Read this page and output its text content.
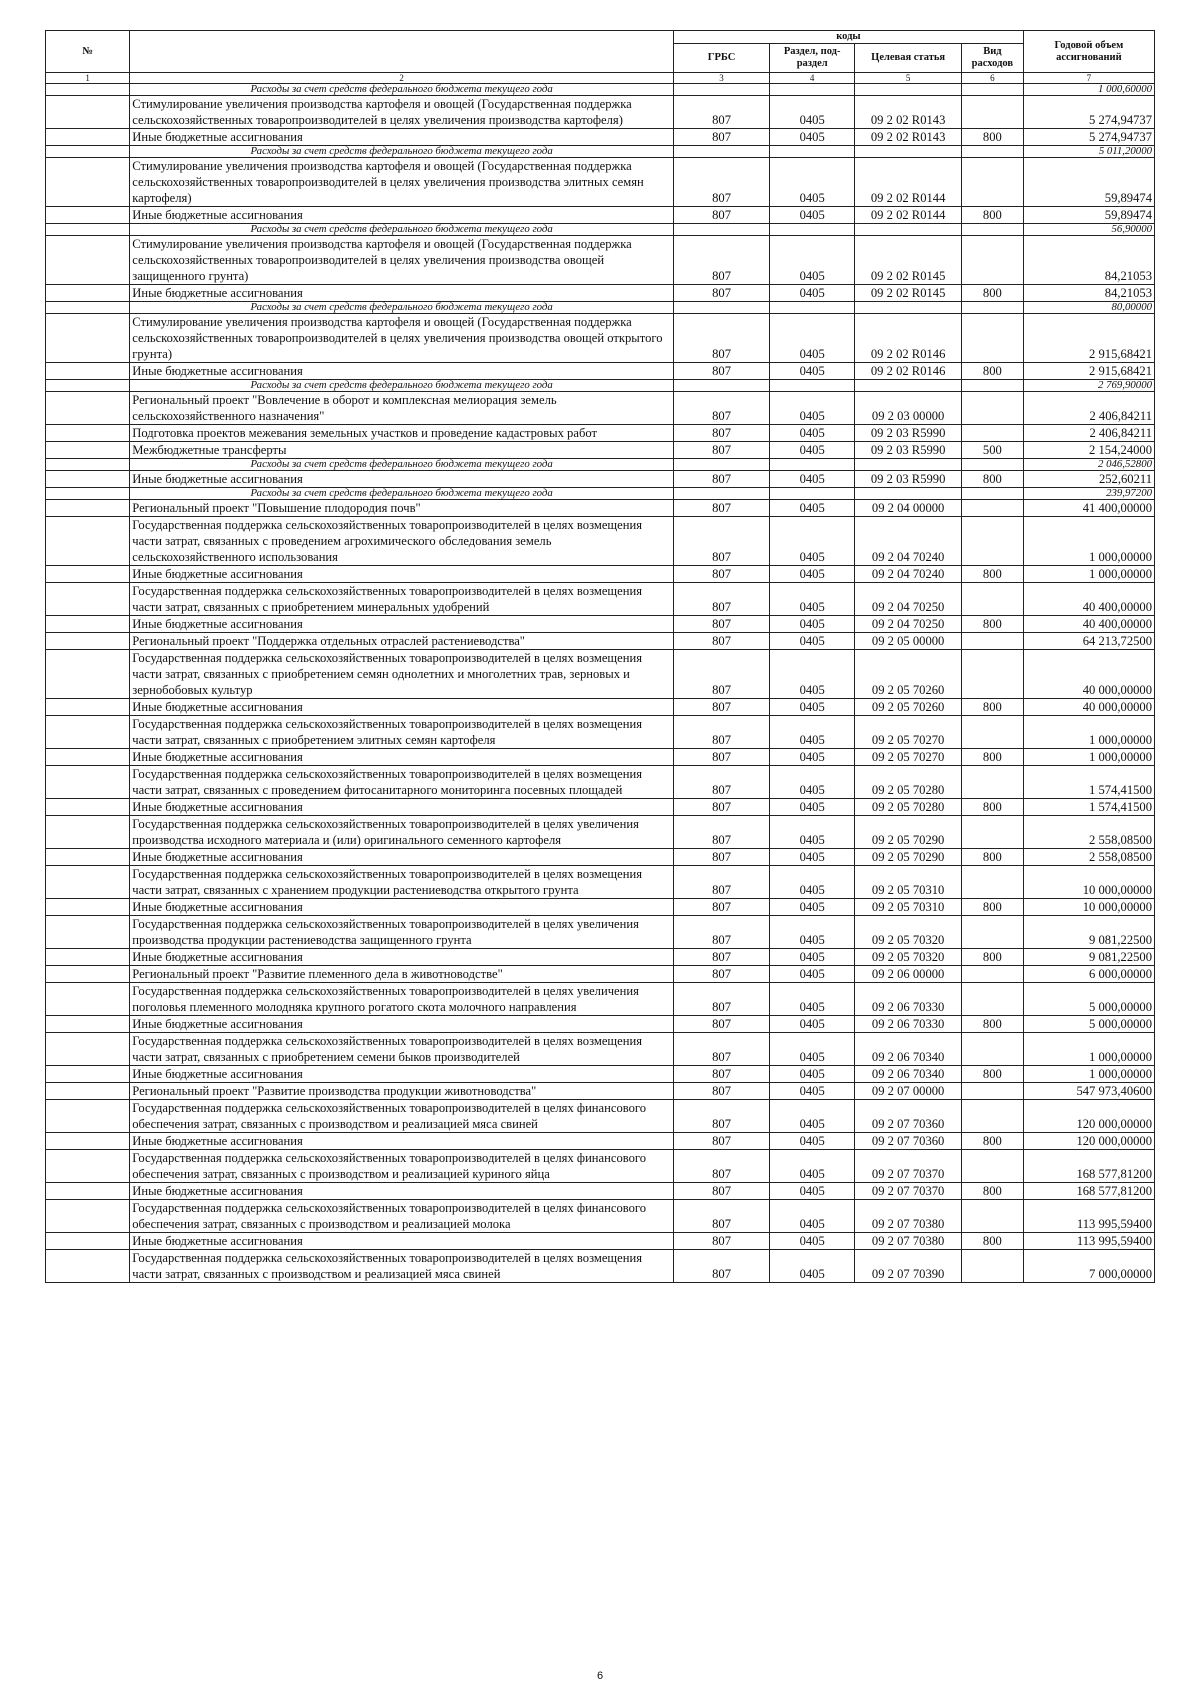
№		коды				Годовой объем ассигнований
		ГРБС	Раздел, под-раздел	Целевая статья	Вид расходов	
1	2	3	4	5	6	7
	Расходы за счет средств федерального бюджета текущего года					1 000,60000
	Стимулирование увеличения производства картофеля и овощей (Государственная поддержка сельскохозяйственных товаропроизводителей в целях увеличения производства картофеля)	807	0405	09 2 02 R0143		5 274,94737
	Иные бюджетные ассигнования	807	0405	09 2 02 R0143	800	5 274,94737
	Расходы за счет средств федерального бюджета текущего года					5 011,20000
	Стимулирование увеличения производства картофеля и овощей (Государственная поддержка сельскохозяйственных товаропроизводителей в целях увеличения производства элитных семян картофеля)	807	0405	09 2 02 R0144		59,89474
	Иные бюджетные ассигнования	807	0405	09 2 02 R0144	800	59,89474
	Расходы за счет средств федерального бюджета текущего года					56,90000
	Стимулирование увеличения производства картофеля и овощей (Государственная поддержка сельскохозяйственных товаропроизводителей в целях увеличения производства овощей защищенного грунта)	807	0405	09 2 02 R0145		84,21053
	Иные бюджетные ассигнования	807	0405	09 2 02 R0145	800	84,21053
	Расходы за счет средств федерального бюджета текущего года					80,00000
	Стимулирование увеличения производства картофеля и овощей (Государственная поддержка сельскохозяйственных товаропроизводителей в целях увеличения производства овощей открытого грунта)	807	0405	09 2 02 R0146		2 915,68421
	Иные бюджетные ассигнования	807	0405	09 2 02 R0146	800	2 915,68421
	Расходы за счет средств федерального бюджета текущего года					2 769,90000
	Региональный проект "Вовлечение в оборот и комплексная мелиорация земель сельскохозяйственного назначения"	807	0405	09 2 03 00000		2 406,84211
	Подготовка проектов межевания земельных участков и проведение кадастровых работ	807	0405	09 2 03 R5990		2 406,84211
	Межбюджетные трансферты	807	0405	09 2 03 R5990	500	2 154,24000
	Расходы за счет средств федерального бюджета текущего года					2 046,52800
	Иные бюджетные ассигнования	807	0405	09 2 03 R5990	800	252,60211
	Расходы за счет средств федерального бюджета текущего года					239,97200
	Региональный проект "Повышение плодородия почв"	807	0405	09 2 04 00000		41 400,00000
	Государственная поддержка сельскохозяйственных товаропроизводителей в целях возмещения части затрат, связанных с проведением агрохимического обследования земель сельскохозяйственного использования	807	0405	09 2 04 70240		1 000,00000
	Иные бюджетные ассигнования	807	0405	09 2 04 70240	800	1 000,00000
	Государственная поддержка сельскохозяйственных товаропроизводителей в целях возмещения части затрат, связанных с приобретением минеральных удобрений	807	0405	09 2 04 70250		40 400,00000
	Иные бюджетные ассигнования	807	0405	09 2 04 70250	800	40 400,00000
	Региональный проект "Поддержка отдельных отраслей растениеводства"	807	0405	09 2 05 00000		64 213,72500
	Государственная поддержка сельскохозяйственных товаропроизводителей в целях возмещения части затрат, связанных с приобретением семян однолетних и многолетних трав, зерновых и зернобобовых культур	807	0405	09 2 05 70260		40 000,00000
	Иные бюджетные ассигнования	807	0405	09 2 05 70260	800	40 000,00000
	Государственная поддержка сельскохозяйственных товаропроизводителей в целях возмещения части затрат, связанных с приобретением элитных семян картофеля	807	0405	09 2 05 70270		1 000,00000
	Иные бюджетные ассигнования	807	0405	09 2 05 70270	800	1 000,00000
	Государственная поддержка сельскохозяйственных товаропроизводителей в целях возмещения части затрат, связанных с проведением фитосанитарного мониторинга посевных площадей	807	0405	09 2 05 70280		1 574,41500
	Иные бюджетные ассигнования	807	0405	09 2 05 70280	800	1 574,41500
	Государственная поддержка сельскохозяйственных товаропроизводителей в целях увеличения производства исходного материала и (или) оригинального семенного картофеля	807	0405	09 2 05 70290		2 558,08500
	Иные бюджетные ассигнования	807	0405	09 2 05 70290	800	2 558,08500
	Государственная поддержка сельскохозяйственных товаропроизводителей в целях возмещения части затрат, связанных с хранением продукции растениеводства открытого грунта	807	0405	09 2 05 70310		10 000,00000
	Иные бюджетные ассигнования	807	0405	09 2 05 70310	800	10 000,00000
	Государственная поддержка сельскохозяйственных товаропроизводителей в целях увеличения производства продукции растениеводства защищенного грунта	807	0405	09 2 05 70320		9 081,22500
	Иные бюджетные ассигнования	807	0405	09 2 05 70320	800	9 081,22500
	Региональный проект "Развитие племенного дела в животноводстве"	807	0405	09 2 06 00000		6 000,00000
	Государственная поддержка сельскохозяйственных товаропроизводителей в целях увеличения поголовья племенного молодняка крупного рогатого скота молочного направления	807	0405	09 2 06 70330		5 000,00000
	Иные бюджетные ассигнования	807	0405	09 2 06 70330	800	5 000,00000
	Государственная поддержка сельскохозяйственных товаропроизводителей в целях возмещения части затрат, связанных с приобретением семени быков производителей	807	0405	09 2 06 70340		1 000,00000
	Иные бюджетные ассигнования	807	0405	09 2 06 70340	800	1 000,00000
	Региональный проект "Развитие производства продукции животноводства"	807	0405	09 2 07 00000		547 973,40600
	Государственная поддержка сельскохозяйственных товаропроизводителей в целях финансового обеспечения затрат, связанных с производством и реализацией мяса свиней	807	0405	09 2 07 70360		120 000,00000
	Иные бюджетные ассигнования	807	0405	09 2 07 70360	800	120 000,00000
	Государственная поддержка сельскохозяйственных товаропроизводителей в целях финансового обеспечения затрат, связанных с производством и реализацией куриного яйца	807	0405	09 2 07 70370		168 577,81200
	Иные бюджетные ассигнования	807	0405	09 2 07 70370	800	168 577,81200
	Государственная поддержка сельскохозяйственных товаропроизводителей в целях финансового обеспечения затрат, связанных с производством и реализацией молока	807	0405	09 2 07 70380		113 995,59400
	Иные бюджетные ассигнования	807	0405	09 2 07 70380	800	113 995,59400
	Государственная поддержка сельскохозяйственных товаропроизводителей в целях возмещения части затрат, связанных с производством и реализацией мяса свиней	807	0405	09 2 07 70390		7 000,00000
6
